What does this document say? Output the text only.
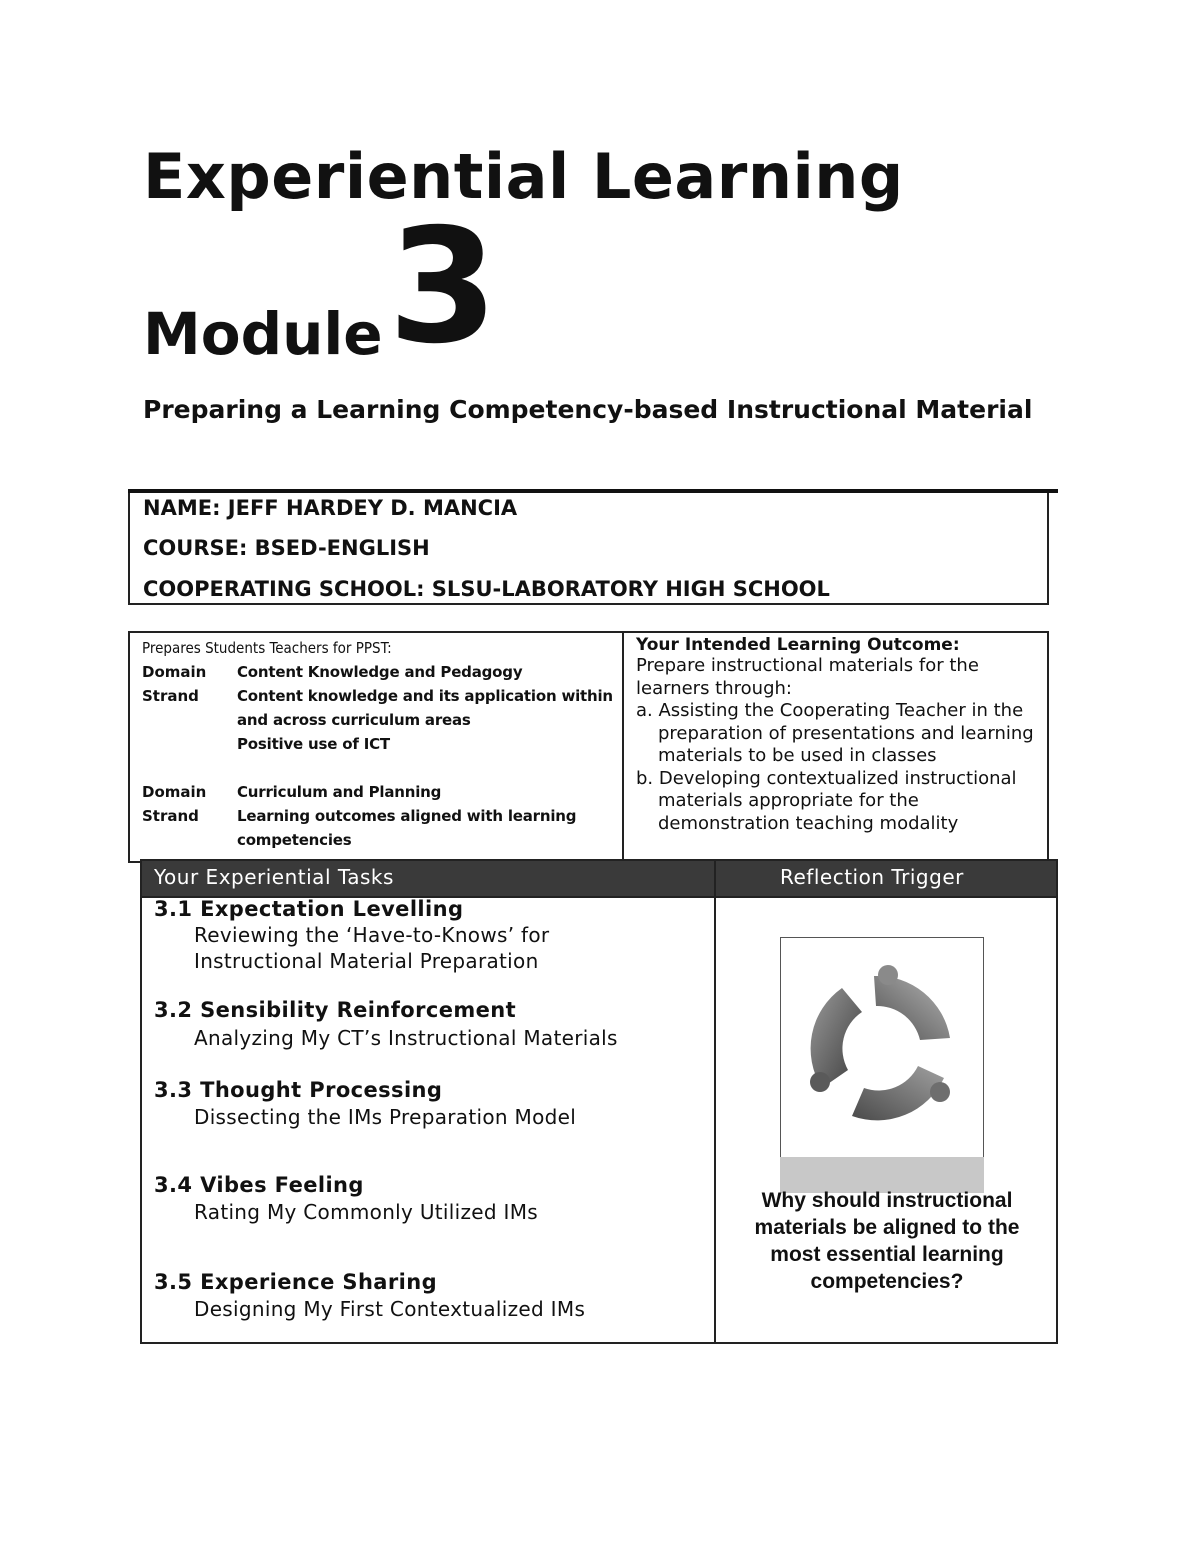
Experiential Learning
Module 3
Preparing a Learning Competency-based Instructional Material
NAME: JEFF HARDEY D. MANCIA
COURSE: BSED-ENGLISH
COOPERATING SCHOOL: SLSU-LABORATORY HIGH SCHOOL
Prepares Students Teachers for PPST:
Domain Content Knowledge and Pedagogy
Strand	Content knowledge and its application within
and across curriculum areas
Positive use of ICT
Domain Curriculum and Planning
Strand	Learning outcomes aligned with learning
competencies
Your Intended Learning Outcome:
Prepare instructional materials for the learners through:
a. Assisting the Cooperating Teacher in the preparation of presentations and learning materials to be used in classes
b. Developing contextualized instructional materials appropriate for the demonstration teaching modality
Your Experiential Tasks	Reflection Trigger
3.1 Expectation Levelling
Reviewing the ‘Have-to-Knows’ for
Instructional Material Preparation
3.2 Sensibility Reinforcement
Analyzing My CT’s Instructional Materials
3.3 Thought Processing
Dissecting the IMs Preparation Model
3.4 Vibes Feeling
Rating My Commonly Utilized IMs
3.5 Experience Sharing
Designing My First Contextualized IMs
Why should instructional materials be aligned to the most essential learning competencies?
